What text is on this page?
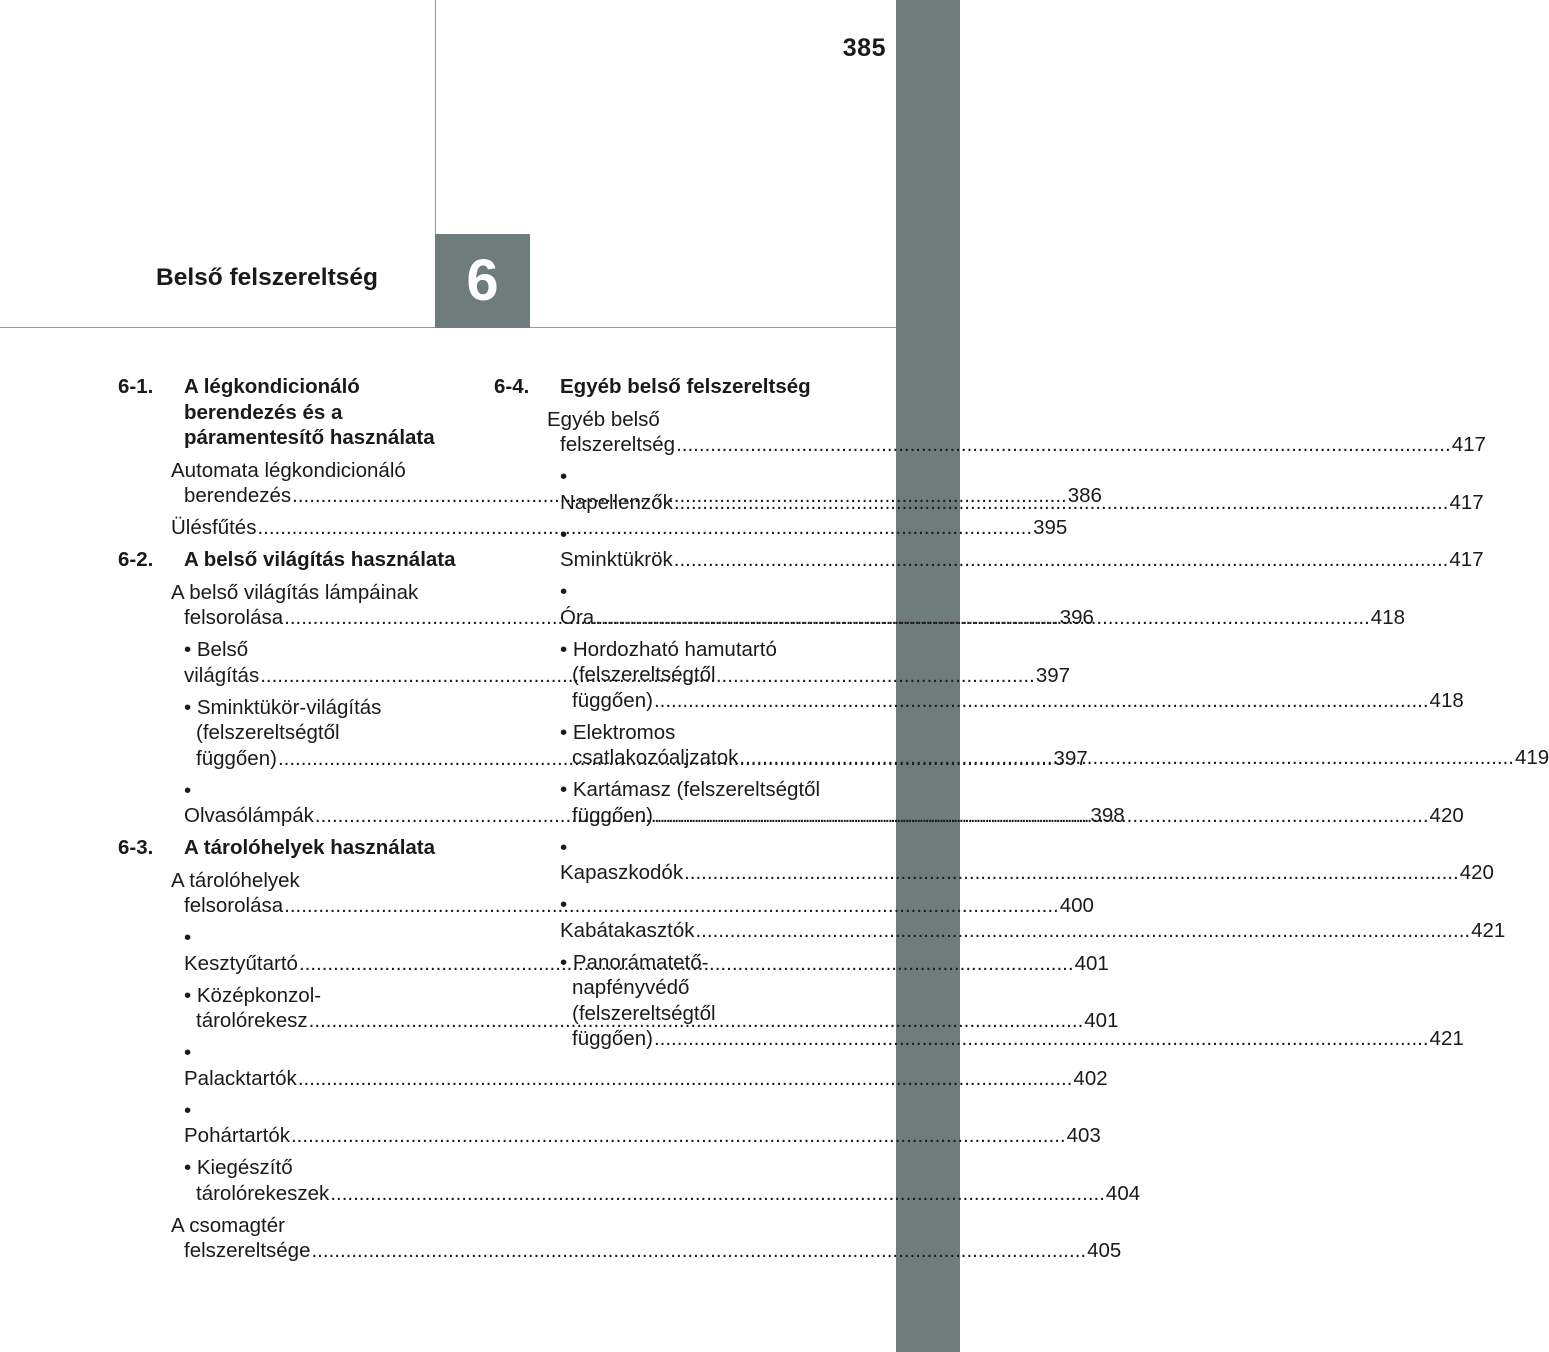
385
Belső felszereltség	6
6-1. A légkondicionáló
berendezés és a
páramentesítő használata
Automata légkondicionáló
berendezés .....	386
Ülésfűtés .....	395
6-2. A belső világítás használata
A belső világítás lámpáinak
felsorolása .....	396
• Belső világítás .....	397
• Sminktükör-világítás
(felszereltségtől
függően) .....	397
• Olvasólámpák .....	398
6-3. A tárolóhelyek használata
A tárolóhelyek
felsorolása .....	400
• Kesztyűtartó .....	401
• Középkonzol-
tárolórekesz .....	401
• Palacktartók .....	402
• Pohártartók .....	403
• Kiegészítő
tárolórekeszek .....	404
A csomagtér
felszereltsége .....	405
6-4. Egyéb belső felszereltség
Egyéb belső
felszereltség .....	417
• Napellenzők .....	417
• Sminktükrök .....	417
• Óra .....	418
• Hordozható hamutartó
(felszereltségtől
függően) .....	418
• Elektromos
csatlakozóaljzatok .....	419
• Kartámasz (felszereltségtől
függően) .....	420
• Kapaszkodók .....	420
• Kabátakasztók .....	421
• Panorámatető-
napfényvédő
(felszereltségtől
függően) .....	421
